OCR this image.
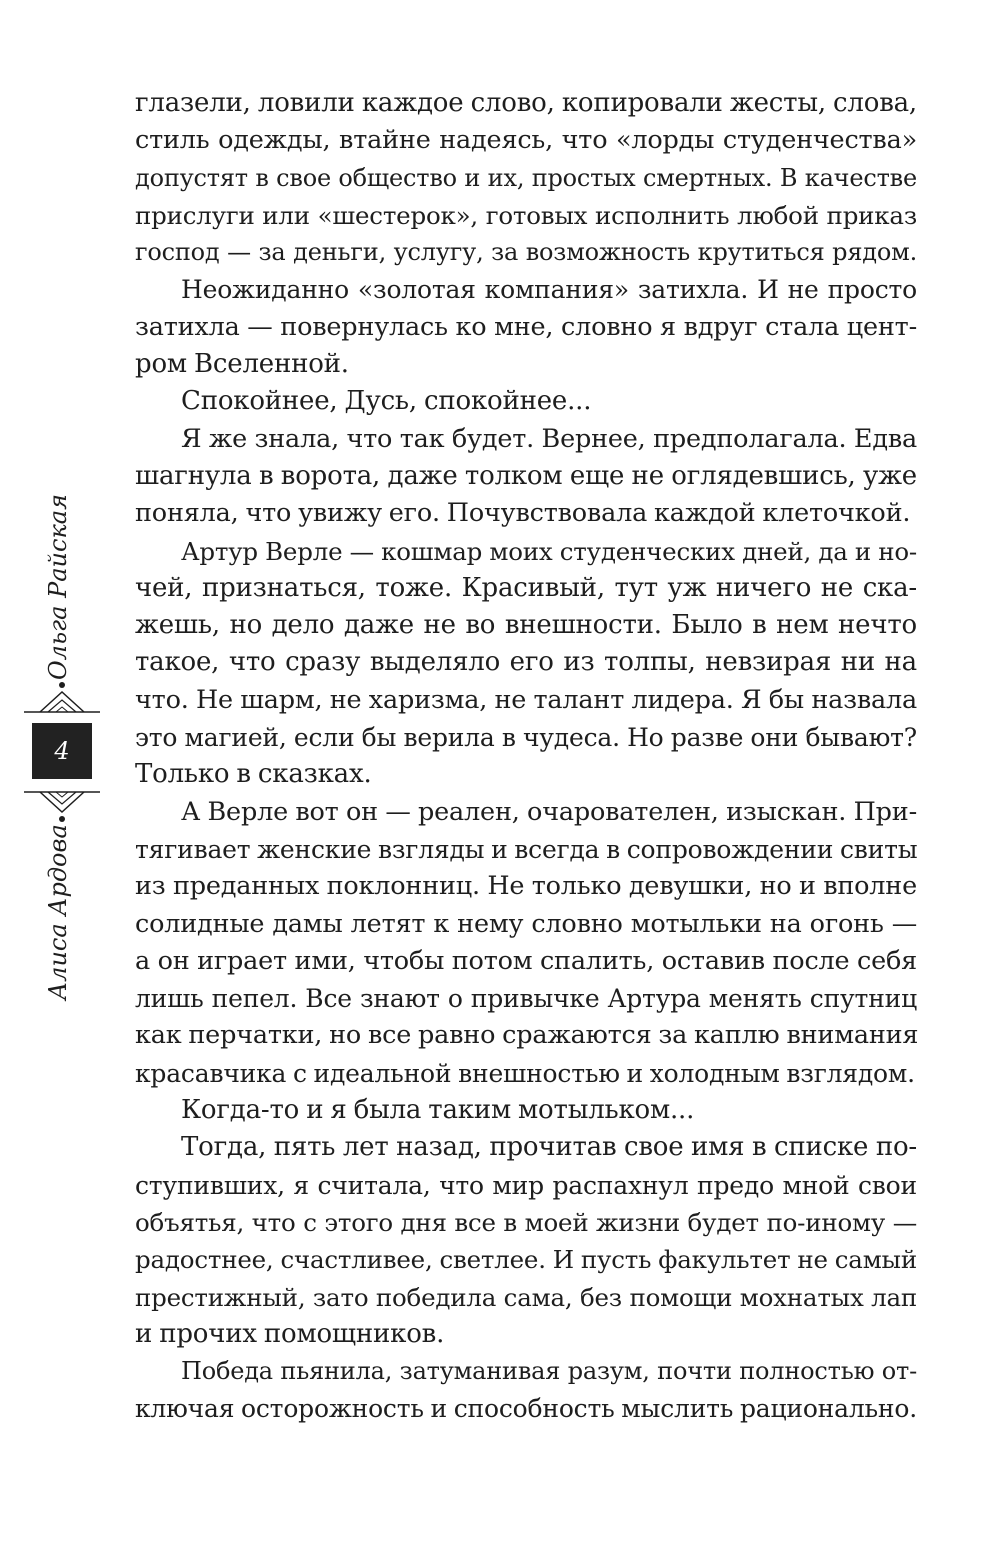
Ольга Райская
4
Алиса Ардова
глазели, ловили каждое слово, копировали жесты, слова,
стиль одежды, втайне надеясь, что «лорды студенчества»
допустят в свое общество и их, простых смертных. В качестве
прислуги или «шестерок», готовых исполнить любой приказ
господ — за деньги, услугу, за возможность крутиться рядом.
Неожиданно «золотая компания» затихла. И не просто
затихла — повернулась ко мне, словно я вдруг стала цент-
ром Вселенной.
Спокойнее, Дусь, спокойнее...
Я же знала, что так будет. Вернее, предполагала. Едва
шагнула в ворота, даже толком еще не оглядевшись, уже
поняла, что увижу его. Почувствовала каждой клеточкой.
Артур Верле — кошмар моих студенческих дней, да и но-
чей, признаться, тоже. Красивый, тут уж ничего не ска-
жешь, но дело даже не во внешности. Было в нем нечто
такое, что сразу выделяло его из толпы, невзирая ни на
что. Не шарм, не харизма, не талант лидера. Я бы назвала
это магией, если бы верила в чудеса. Но разве они бывают?
Только в сказках.
А Верле вот он — реален, очарователен, изыскан. При-
тягивает женские взгляды и всегда в сопровождении свиты
из преданных поклонниц. Не только девушки, но и вполне
солидные дамы летят к нему словно мотыльки на огонь —
а он играет ими, чтобы потом спалить, оставив после себя
лишь пепел. Все знают о привычке Артура менять спутниц
как перчатки, но все равно сражаются за каплю внимания
красавчика с идеальной внешностью и холодным взглядом.
Когда-то и я была таким мотыльком...
Тогда, пять лет назад, прочитав свое имя в списке по-
ступивших, я считала, что мир распахнул предо мной свои
объятья, что с этого дня все в моей жизни будет по-иному —
радостнее, счастливее, светлее. И пусть факультет не самый
престижный, зато победила сама, без помощи мохнатых лап
и прочих помощников.
Победа пьянила, затуманивая разум, почти полностью от-
ключая осторожность и способность мыслить рационально.
